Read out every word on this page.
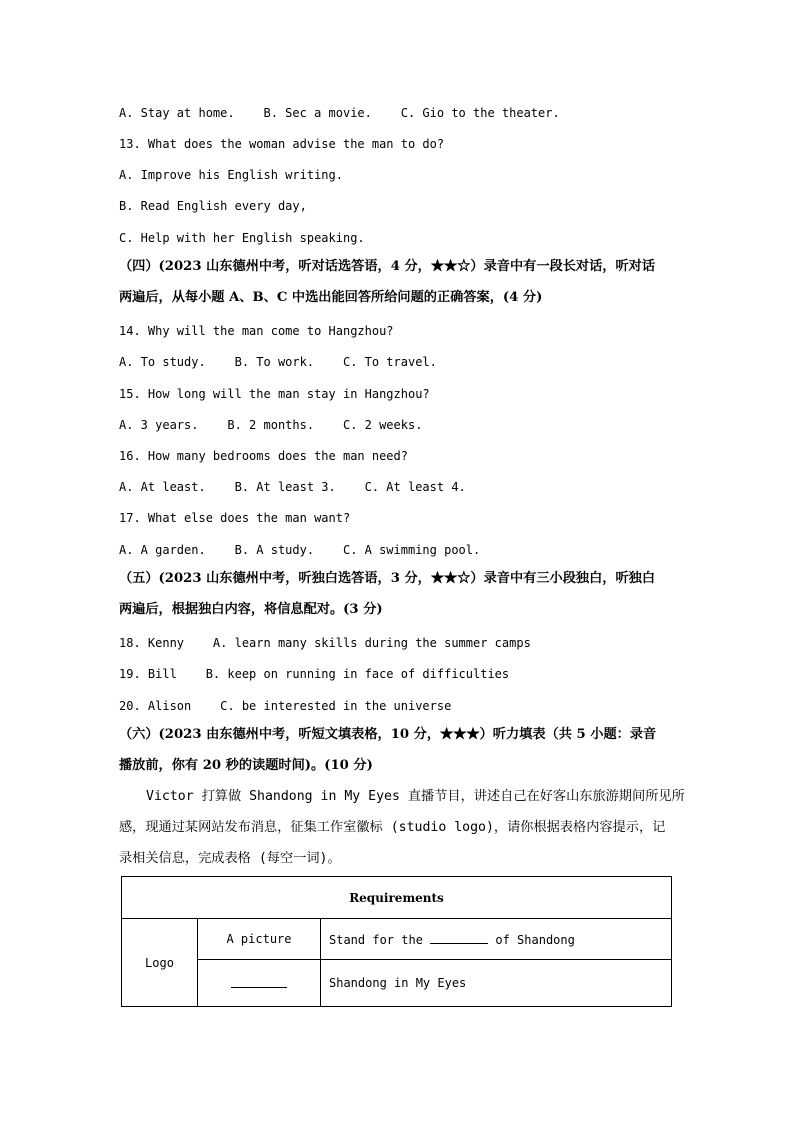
A. Stay at home.    B. Sec a movie.    C. Gio to the theater.
13. What does the woman advise the man to do?
A. Improve his English writing.
B. Read English every day,
C. Help with her English speaking.
（四）(2023 山东德州中考，听对话选答语，4 分，★★☆）录音中有一段长对话，听对话
两遍后，从每小题 A、B、C 中选出能回答所给问题的正确答案，(4 分)
14. Why will the man come to Hangzhou?
A. To study.    B. To work.    C. To travel.
15. How long will the man stay in Hangzhou?
A. 3 years.    B. 2 months.    C. 2 weeks.
16. How many bedrooms does the man need?
A. At least.    B. At least 3.    C. At least 4.
17. What else does the man want?
A. A garden.    B. A study.    C. A swimming pool.
（五）(2023 山东德州中考，听独白选答语，3 分，★★☆）录音中有三小段独白，听独白
两遍后，根据独白内容，将信息配对。(3 分)
18. Kenny    A. learn many skills during the summer camps
19. Bill    B. keep on running in face of difficulties
20. Alison    C. be interested in the universe
（六）(2023 由东德州中考，听短文填表格，10 分，★★★）听力填表（共 5 小题：录音
播放前，你有 20 秒的读题时间)。(10 分)
Victor 打算做 Shandong in My Eyes 直播节目，讲述自己在好客山东旅游期间所见所
感，现通过某网站发布消息，征集工作室徽标 (studio logo)，请你根据表格内容提示，记
录相关信息，完成表格 (每空一词)。
Requirements		
Logo	A picture	Stand for the of Shandong
		Shandong in My Eyes
